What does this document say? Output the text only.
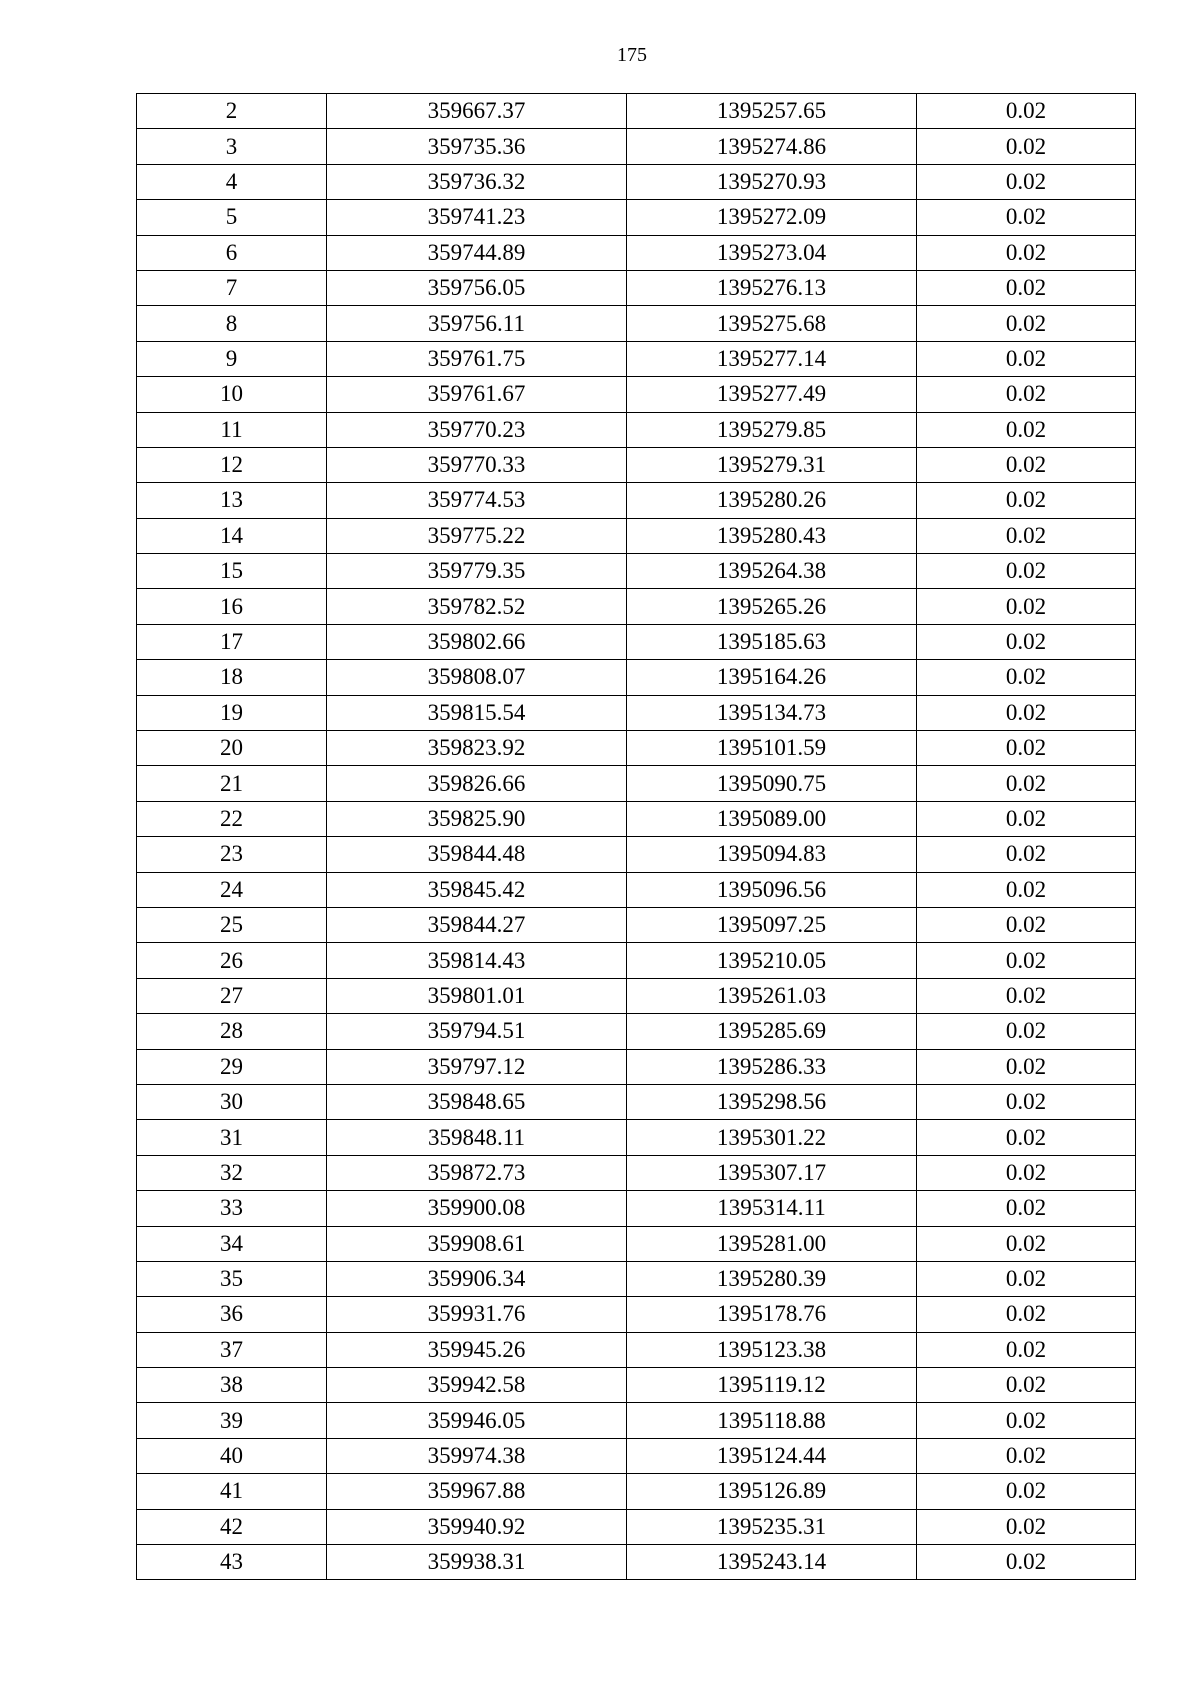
175
2	359667.37	1395257.65	0.02
3	359735.36	1395274.86	0.02
4	359736.32	1395270.93	0.02
5	359741.23	1395272.09	0.02
6	359744.89	1395273.04	0.02
7	359756.05	1395276.13	0.02
8	359756.11	1395275.68	0.02
9	359761.75	1395277.14	0.02
10	359761.67	1395277.49	0.02
11	359770.23	1395279.85	0.02
12	359770.33	1395279.31	0.02
13	359774.53	1395280.26	0.02
14	359775.22	1395280.43	0.02
15	359779.35	1395264.38	0.02
16	359782.52	1395265.26	0.02
17	359802.66	1395185.63	0.02
18	359808.07	1395164.26	0.02
19	359815.54	1395134.73	0.02
20	359823.92	1395101.59	0.02
21	359826.66	1395090.75	0.02
22	359825.90	1395089.00	0.02
23	359844.48	1395094.83	0.02
24	359845.42	1395096.56	0.02
25	359844.27	1395097.25	0.02
26	359814.43	1395210.05	0.02
27	359801.01	1395261.03	0.02
28	359794.51	1395285.69	0.02
29	359797.12	1395286.33	0.02
30	359848.65	1395298.56	0.02
31	359848.11	1395301.22	0.02
32	359872.73	1395307.17	0.02
33	359900.08	1395314.11	0.02
34	359908.61	1395281.00	0.02
35	359906.34	1395280.39	0.02
36	359931.76	1395178.76	0.02
37	359945.26	1395123.38	0.02
38	359942.58	1395119.12	0.02
39	359946.05	1395118.88	0.02
40	359974.38	1395124.44	0.02
41	359967.88	1395126.89	0.02
42	359940.92	1395235.31	0.02
43	359938.31	1395243.14	0.02
